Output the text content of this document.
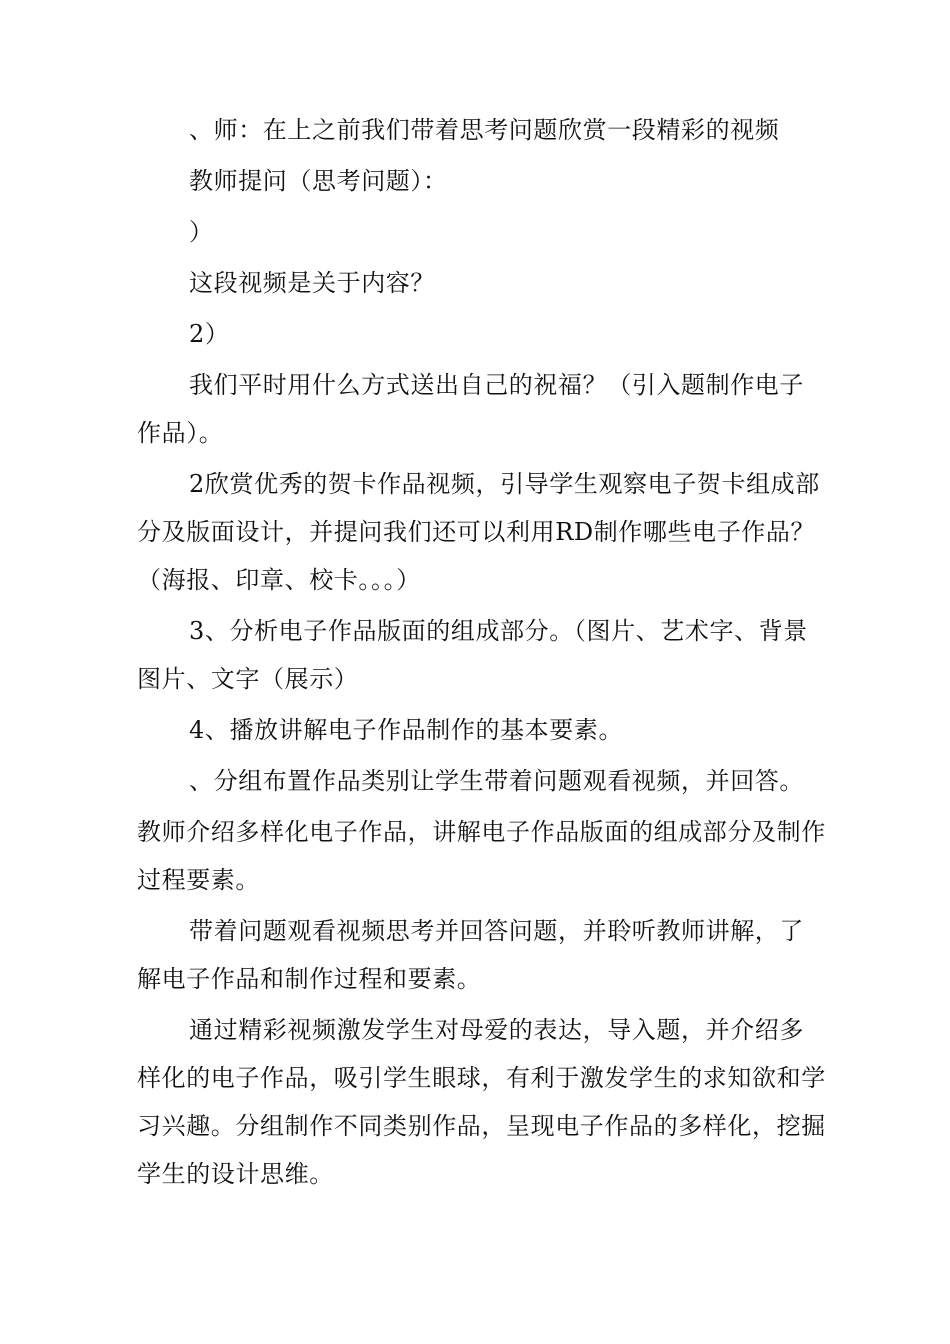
、师：在上之前我们带着思考问题欣赏一段精彩的视频

教师提问（思考问题）：

）

这段视频是关于内容？

2）

我们平时用什么方式送出自己的祝福？（引入题制作电子作品）。

2欣赏优秀的贺卡作品视频，引导学生观察电子贺卡组成部分及版面设计，并提问我们还可以利用RD制作哪些电子作品？（海报、印章、校卡。。。）

3、分析电子作品版面的组成部分。（图片、艺术字、背景图片、文字（展示）

4、播放讲解电子作品制作的基本要素。

、分组布置作品类别让学生带着问题观看视频，并回答。

教师介绍多样化电子作品，讲解电子作品版面的组成部分及制作过程要素。

带着问题观看视频思考并回答问题，并聆听教师讲解，了解电子作品和制作过程和要素。

通过精彩视频激发学生对母爱的表达，导入题，并介绍多样化的电子作品，吸引学生眼球，有利于激发学生的求知欲和学习兴趣。分组制作不同类别作品，呈现电子作品的多样化，挖掘学生的设计思维。
